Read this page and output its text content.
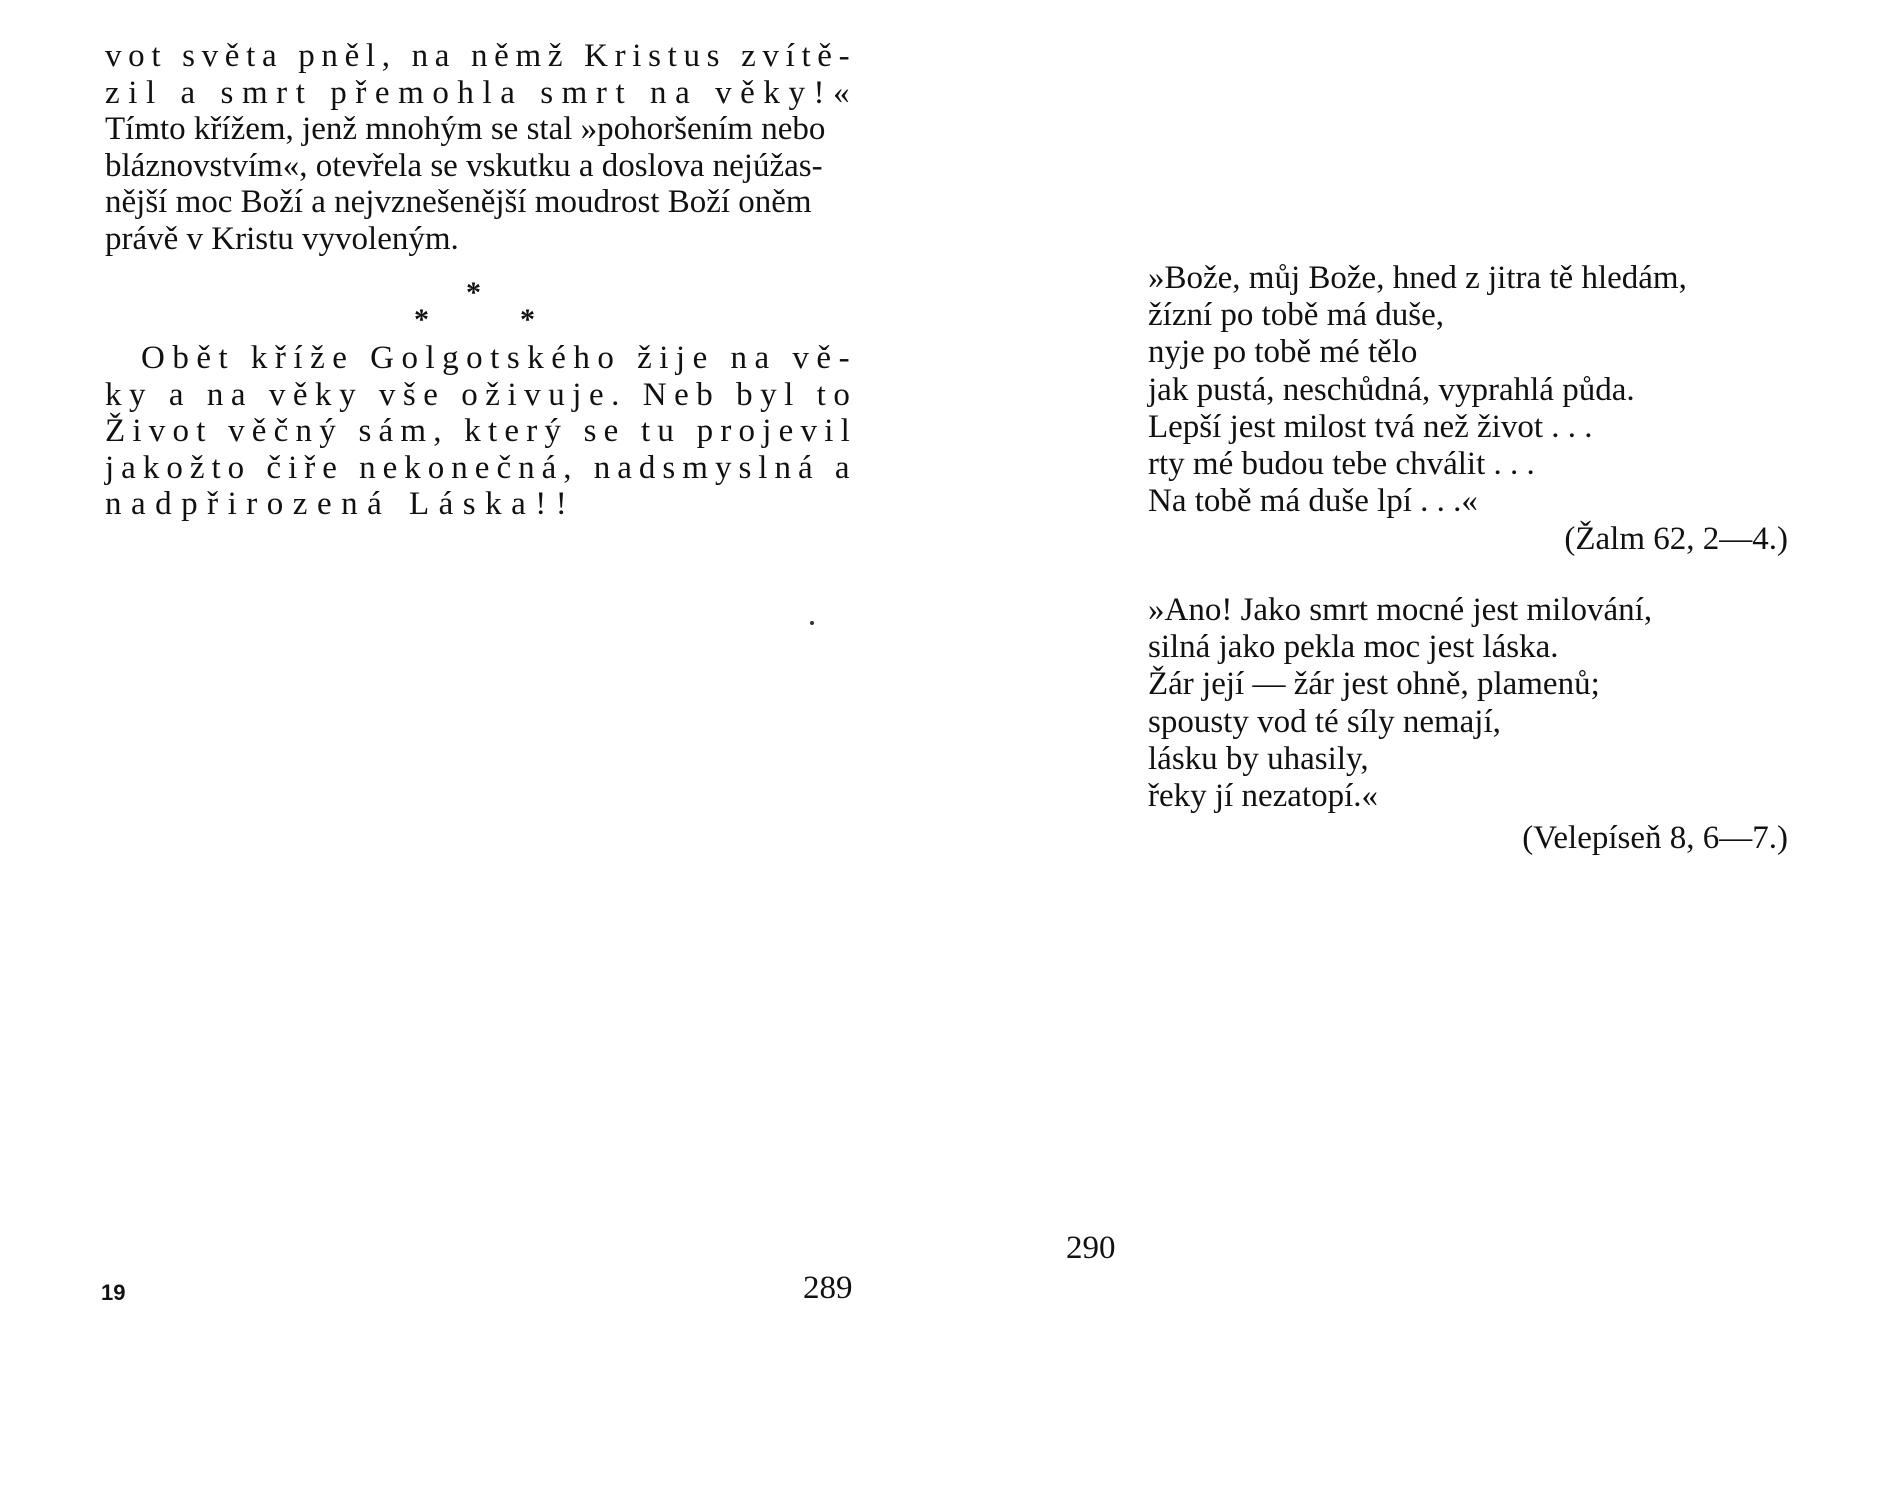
v o t
s v ě t a
p n ě l ,
n a
n ě m ž
K r i s t u s
z v í t ě -
z i l
a
s m r t
p ř e m o h l a
s m r t
n a
v ě k y ! «
Tímto křížem, jenž mnohým se stal »pohoršením nebo
bláznovstvím«, otevřela se vskutku a doslova nejúžas-
nější moc Boží a nejvznešenější moudrost Boží oněm
právě v Kristu vyvoleným.
*
*	*
O b ě t
k ř í ž e
G o l g o t s k é h o
ž i j e
n a
v ě -
k y
a
n a
v ě k y
v š e
o ž i v u j e .
N e b
b y l
t o
Ž i v o t
v ě č n ý
s á m ,
k t e r ý
s e
t u
p r o j e v i l
j a k o ž t o
č i ř e
n e k o n e č n á ,
n a d s m y s l n á
a
nadpřirozená Láska!!
19	289
»Bože, můj Bože, hned z jitra tě hledám,
žízní po tobě má duše,
nyje po tobě mé tělo
jak pustá, neschůdná, vyprahlá půda.
Lepší jest milost tvá než život . . .
rty mé budou tebe chválit . . .
Na tobě má duše lpí . . .«
(Žalm 62, 2—4.)
»Ano! Jako smrt mocné jest milování,
silná jako pekla moc jest láska.
Žár její — žár jest ohně, plamenů;
spousty vod té síly nemají,
lásku by uhasily,
řeky jí nezatopí.«
(Velepíseň 8, 6—7.)
290
